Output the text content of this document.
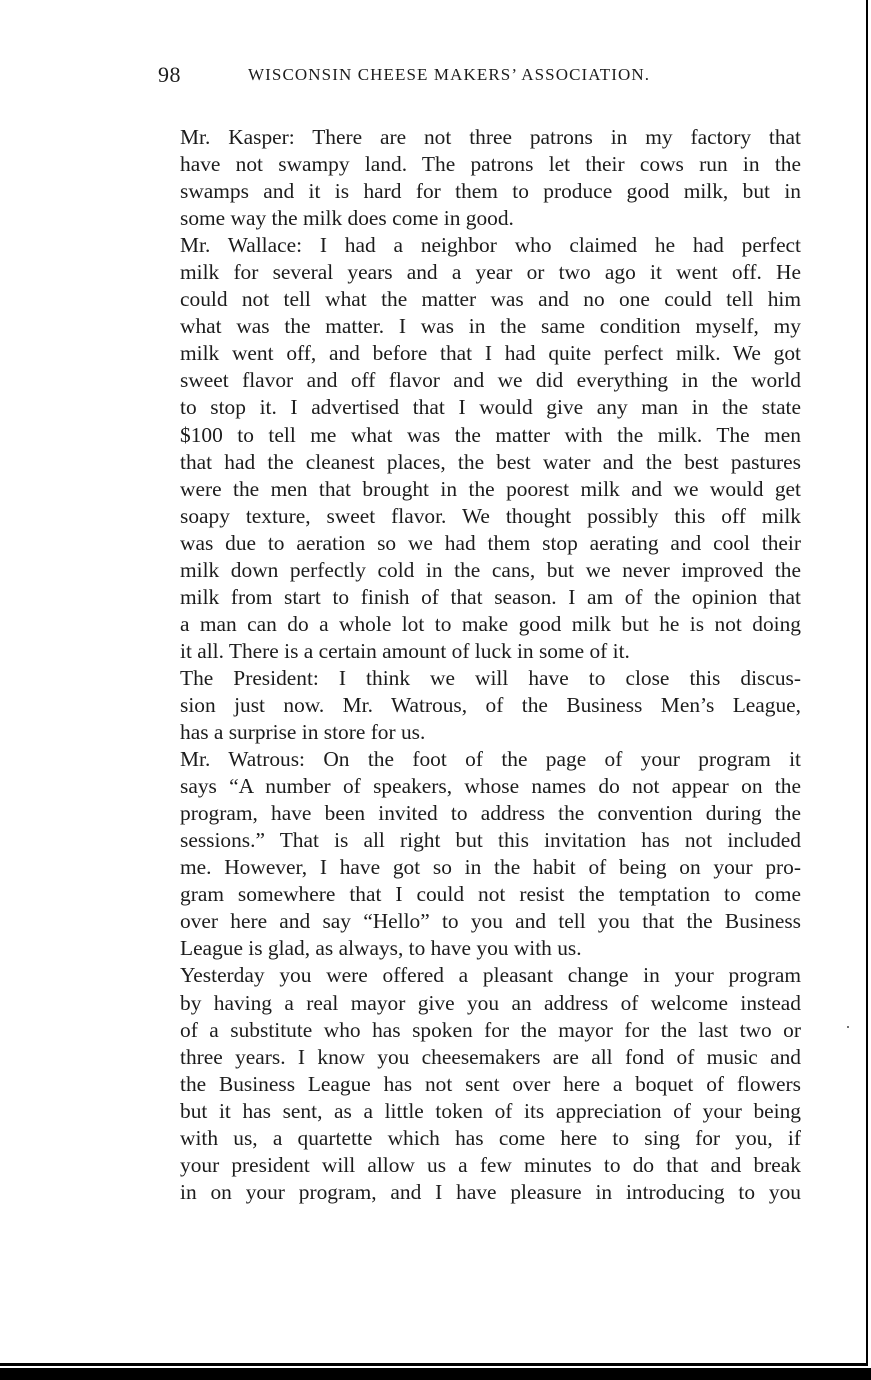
98	WISCONSIN CHEESE MAKERS’ ASSOCIATION.

Mr. Kasper: There are not three patrons in my factory that
have not swampy land. The patrons let their cows run in the
swamps and it is hard for them to produce good milk, but in
some way the milk does come in good.

Mr. Wallace: I had a neighbor who claimed he had perfect
milk for several years and a year or two ago it went off. He
could not tell what the matter was and no one could tell him
what was the matter. I was in the same condition myself, my
milk went off, and before that I had quite perfect milk. We got
sweet flavor and off flavor and we did everything in the world
to stop it. I advertised that I would give any man in the state
$100 to tell me what was the matter with the milk. The men
that had the cleanest places, the best water and the best pastures
were the men that brought in the poorest milk and we would get
soapy texture, sweet flavor. We thought possibly this off milk
was due to aeration so we had them stop aerating and cool their
milk down perfectly cold in the cans, but we never improved the
milk from start to finish of that season. I am of the opinion that
a man can do a whole lot to make good milk but he is not doing
it all. There is a certain amount of luck in some of it.

The President: I think we will have to close this discus-
sion just now. Mr. Watrous, of the Business Men’s League,
has a surprise in store for us.

Mr. Watrous: On the foot of the page of your program it
says “A number of speakers, whose names do not appear on the
program, have been invited to address the convention during the
sessions.” That is all right but this invitation has not included
me. However, I have got so in the habit of being on your pro-
gram somewhere that I could not resist the temptation to come
over here and say “Hello” to you and tell you that the Business
League is glad, as always, to have you with us.

Yesterday you were offered a pleasant change in your program
by having a real mayor give you an address of welcome instead
of a substitute who has spoken for the mayor for the last two or
three years. I know you cheesemakers are all fond of music and
the Business League has not sent over here a boquet of flowers
but it has sent, as a little token of its appreciation of your being
with us, a quartette which has come here to sing for you, if
your president will allow us a few minutes to do that and break
in on your program, and I have pleasure in introducing to you
